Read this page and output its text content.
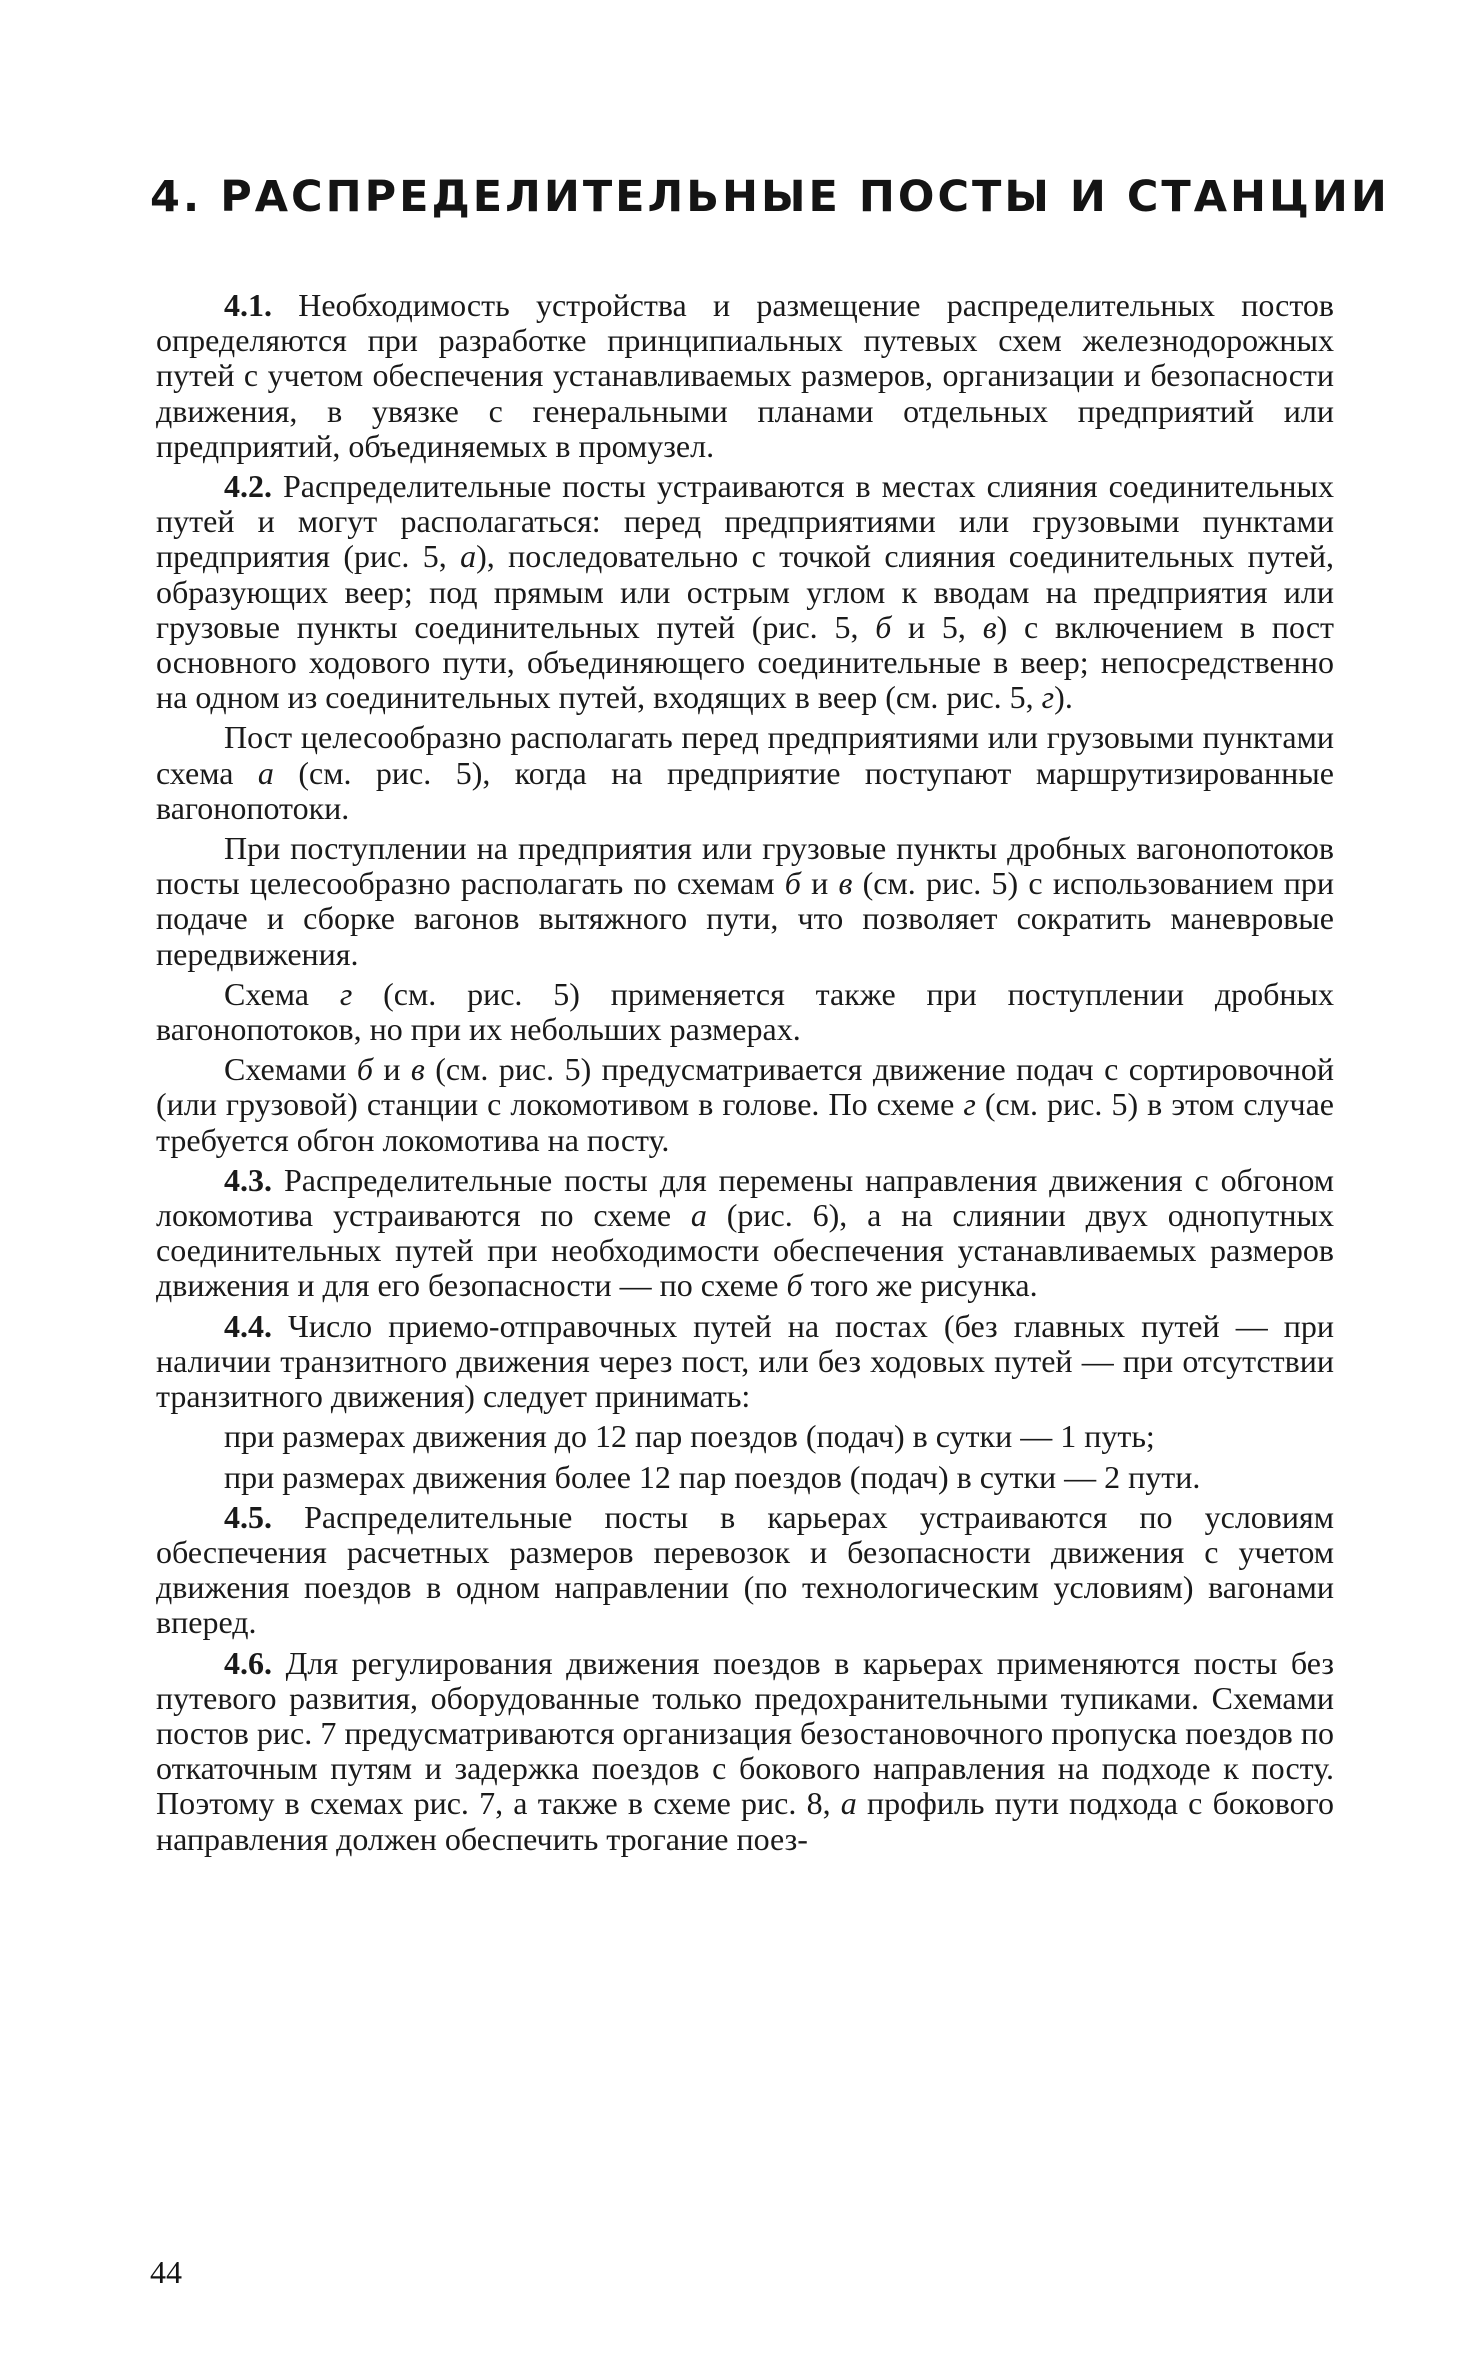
4. РАСПРЕДЕЛИТЕЛЬНЫЕ ПОСТЫ И СТАНЦИИ

4.1. Необходимость устройства и размещение распределительных постов определяются при разработке принципиальных путевых схем железнодорожных путей с учетом обеспечения устанавливаемых размеров, организации и безопасности движения, в увязке с генеральными планами отдельных предприятий или предприятий, объединяемых в промузел.

4.2. Распределительные посты устраиваются в местах слияния соединительных путей и могут располагаться: перед предприятиями или грузовыми пунктами предприятия (рис. 5, а), последовательно с точкой слияния соединительных путей, образующих веер; под прямым или острым углом к вводам на предприятия или грузовые пункты соединительных путей (рис. 5, б и 5, в) с включением в пост основного ходового пути, объединяющего соединительные в веер; непосредственно на одном из соединительных путей, входящих в веер (см. рис. 5, г).

Пост целесообразно располагать перед предприятиями или грузовыми пунктами схема а (см. рис. 5), когда на предприятие поступают маршрутизированные вагонопотоки.

При поступлении на предприятия или грузовые пункты дробных вагонопотоков посты целесообразно располагать по схемам б и в (см. рис. 5) с использованием при подаче и сборке вагонов вытяжного пути, что позволяет сократить маневровые передвижения.

Схема г (см. рис. 5) применяется также при поступлении дробных вагонопотоков, но при их небольших размерах.

Схемами б и в (см. рис. 5) предусматривается движение подач с сортировочной (или грузовой) станции с локомотивом в голове. По схеме г (см. рис. 5) в этом случае требуется обгон локомотива на посту.

4.3. Распределительные посты для перемены направления движения с обгоном локомотива устраиваются по схеме а (рис. 6), а на слиянии двух однопутных соединительных путей при необходимости обеспечения устанавливаемых размеров движения и для его безопасности — по схеме б того же рисунка.

4.4. Число приемо-отправочных путей на постах (без главных путей — при наличии транзитного движения через пост, или без ходовых путей — при отсутствии транзитного движения) следует принимать:

при размерах движения до 12 пар поездов (подач) в сутки — 1 путь;

при размерах движения более 12 пар поездов (подач) в сутки — 2 пути.

4.5. Распределительные посты в карьерах устраиваются по условиям обеспечения расчетных размеров перевозок и безопасности движения с учетом движения поездов в одном направлении (по технологическим условиям) вагонами вперед.

4.6. Для регулирования движения поездов в карьерах применяются посты без путевого развития, оборудованные только предохранительными тупиками. Схемами постов рис. 7 предусматриваются организация безостановочного пропуска поездов по откаточным путям и задержка поездов с бокового направления на подходе к посту. Поэтому в схемах рис. 7, а также в схеме рис. 8, а профиль пути подхода с бокового направления должен обеспечить трогание поез-

44
